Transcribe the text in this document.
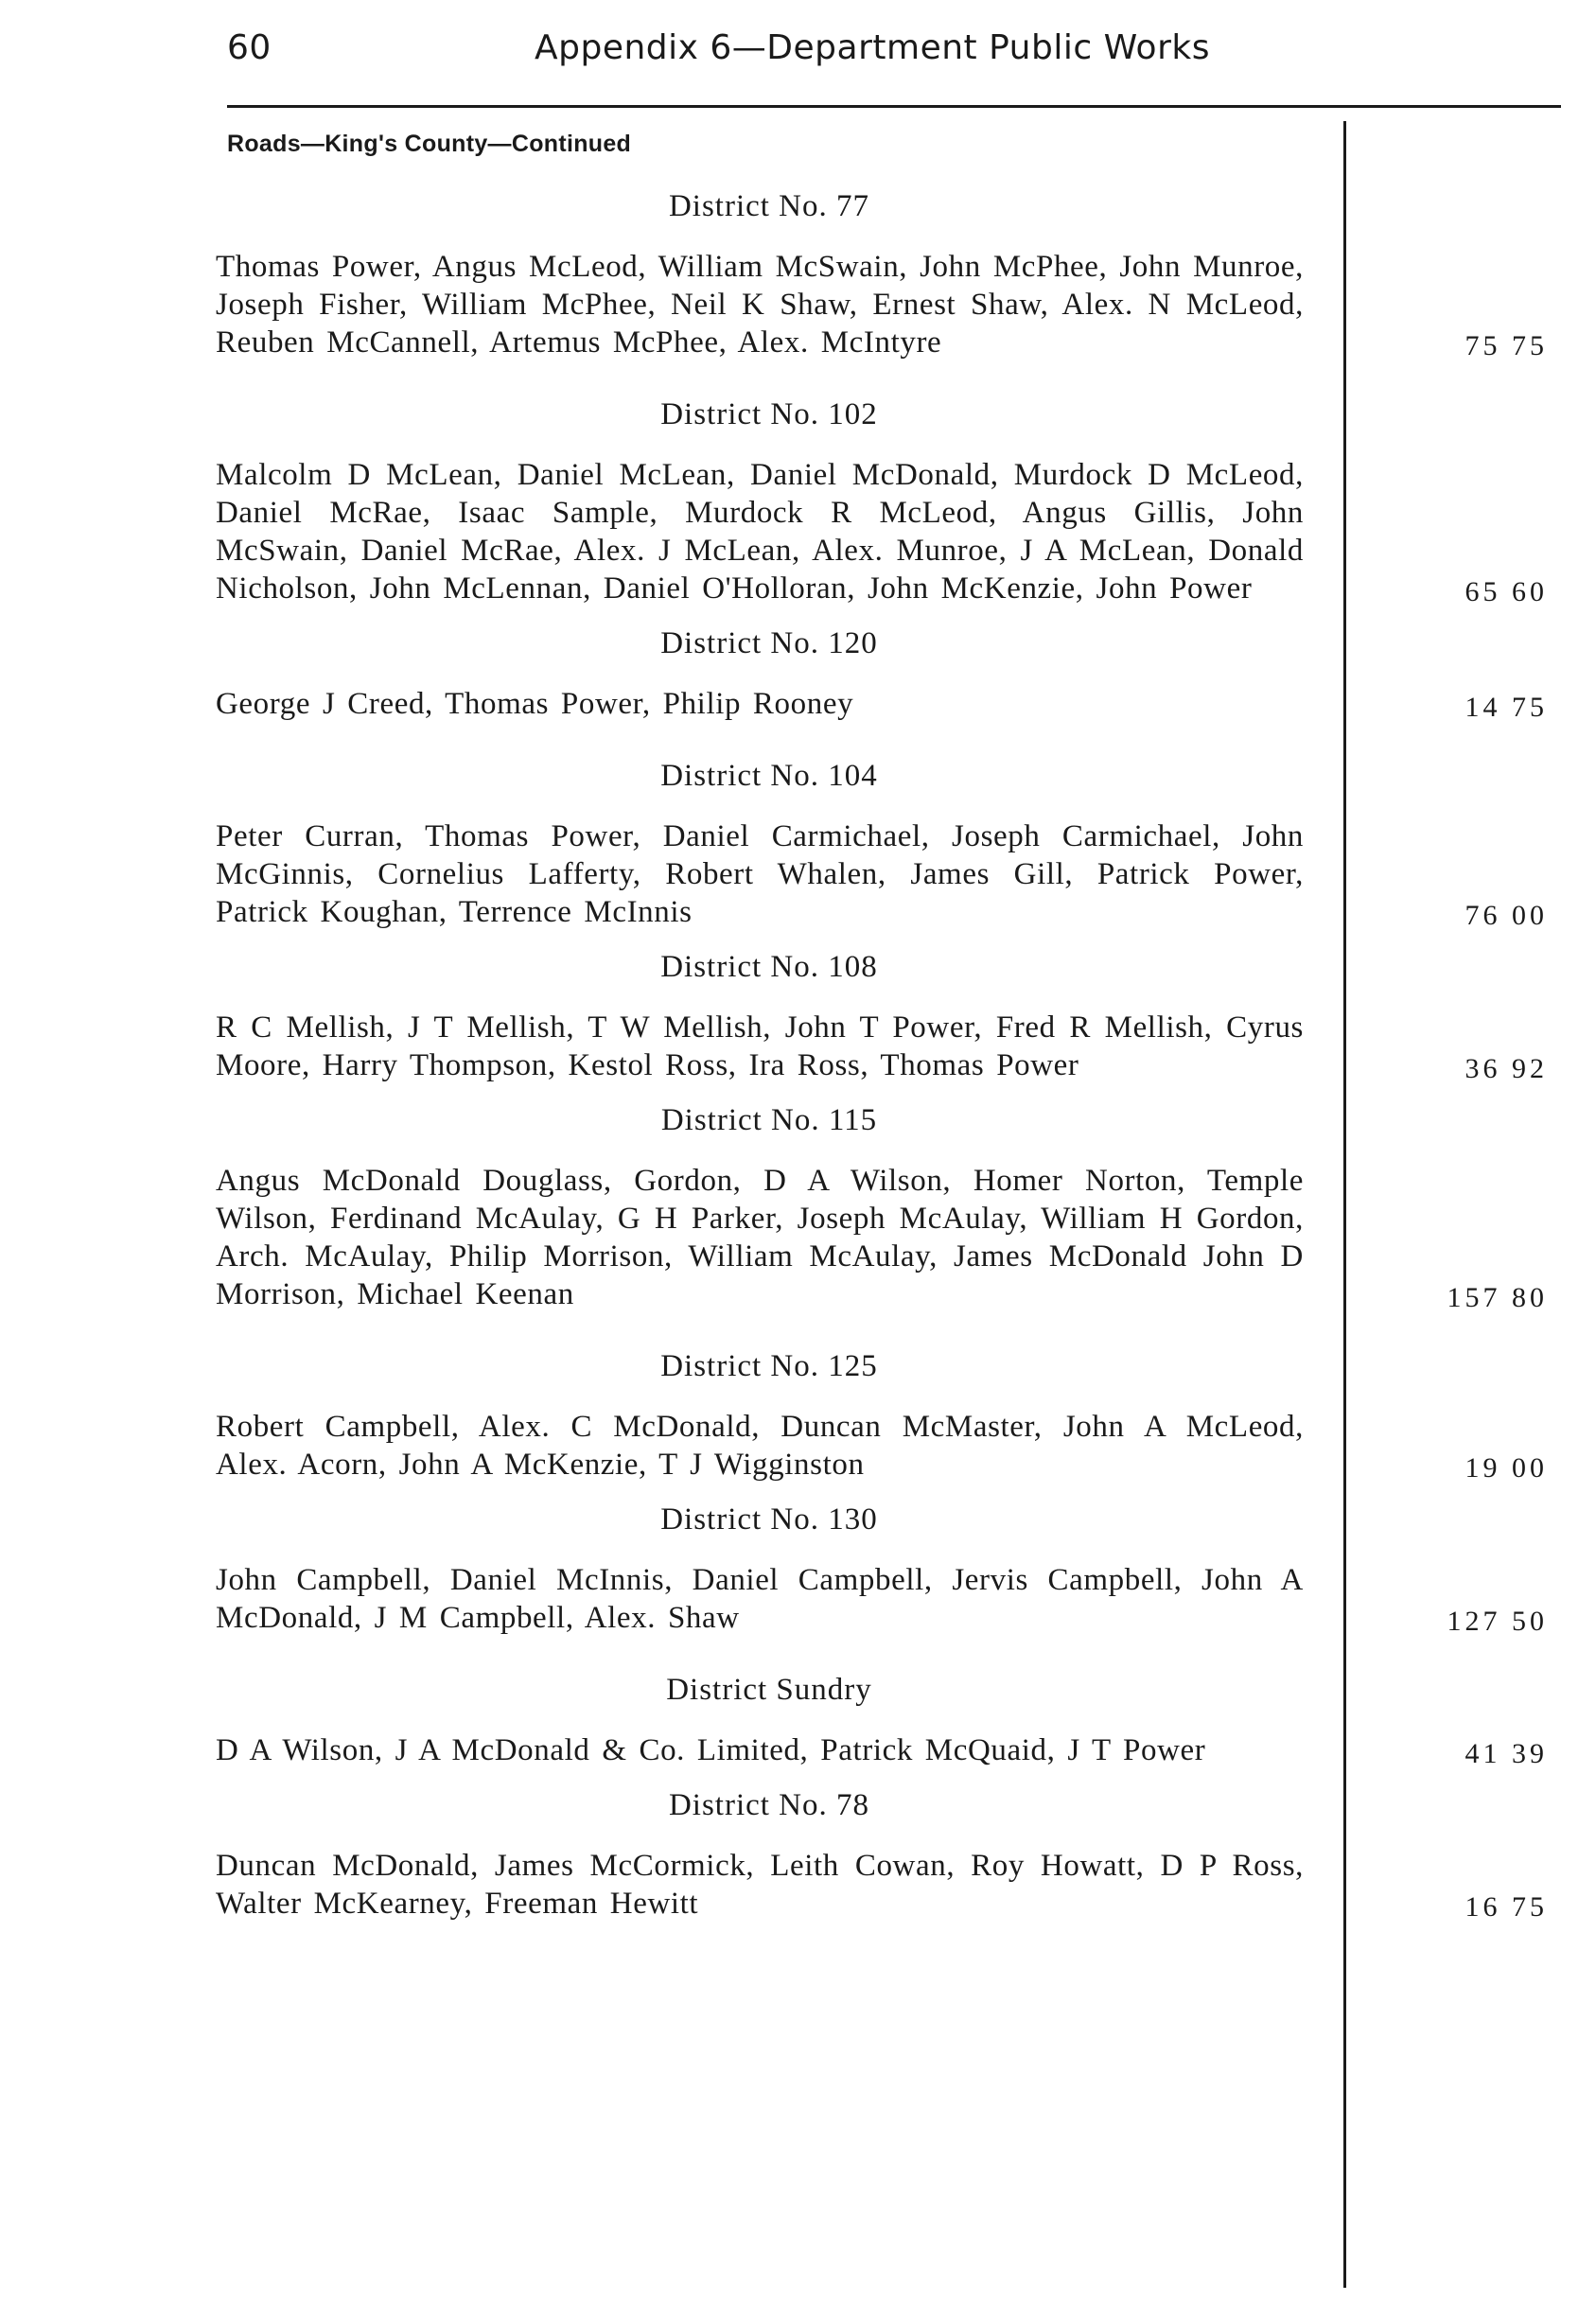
60	Appendix 6—Department Public Works
Roads—King's County—Continued
District No. 77
Thomas Power, Angus McLeod, William McSwain, John McPhee, John Munroe, Joseph Fisher, William McPhee, Neil K Shaw, Ernest Shaw, Alex. N McLeod, Reuben McCannell, Artemus McPhee, Alex. McIntyre	75 75
District No. 102
Malcolm D McLean, Daniel McLean, Daniel McDonald, Murdock D McLeod, Daniel McRae, Isaac Sample, Murdock R McLeod, Angus Gillis, John McSwain, Daniel McRae, Alex. J McLean, Alex. Munroe, J A McLean, Donald Nicholson, John McLennan, Daniel O'Holloran, John McKenzie, John Power	65 60
District No. 120
George J Creed, Thomas Power, Philip Rooney	14 75
District No. 104
Peter Curran, Thomas Power, Daniel Carmichael, Joseph Carmichael, John McGinnis, Cornelius Lafferty, Robert Whalen, James Gill, Patrick Power, Patrick Koughan, Terrence McInnis	76 00
District No. 108
R C Mellish, J T Mellish, T W Mellish, John T Power, Fred R Mellish, Cyrus Moore, Harry Thompson, Kestol Ross, Ira Ross, Thomas Power	36 92
District No. 115
Angus McDonald Douglass, Gordon, D A Wilson, Homer Norton, Temple Wilson, Ferdinand McAulay, G H Parker, Joseph McAulay, William H Gordon, Arch. McAulay, Philip Morrison, William McAulay, James McDonald John D Morrison, Michael Keenan	157 80
District No. 125
Robert Campbell, Alex. C McDonald, Duncan McMaster, John A McLeod, Alex. Acorn, John A McKenzie, T J Wigginston	19 00
District No. 130
John Campbell, Daniel McInnis, Daniel Campbell, Jervis Campbell, John A McDonald, J M Campbell, Alex. Shaw	127 50
District Sundry
D A Wilson, J A McDonald & Co. Limited, Patrick McQuaid, J T Power	41 39
District No. 78
Duncan McDonald, James McCormick, Leith Cowan, Roy Howatt, D P Ross, Walter McKearney, Freeman Hewitt	16 75
